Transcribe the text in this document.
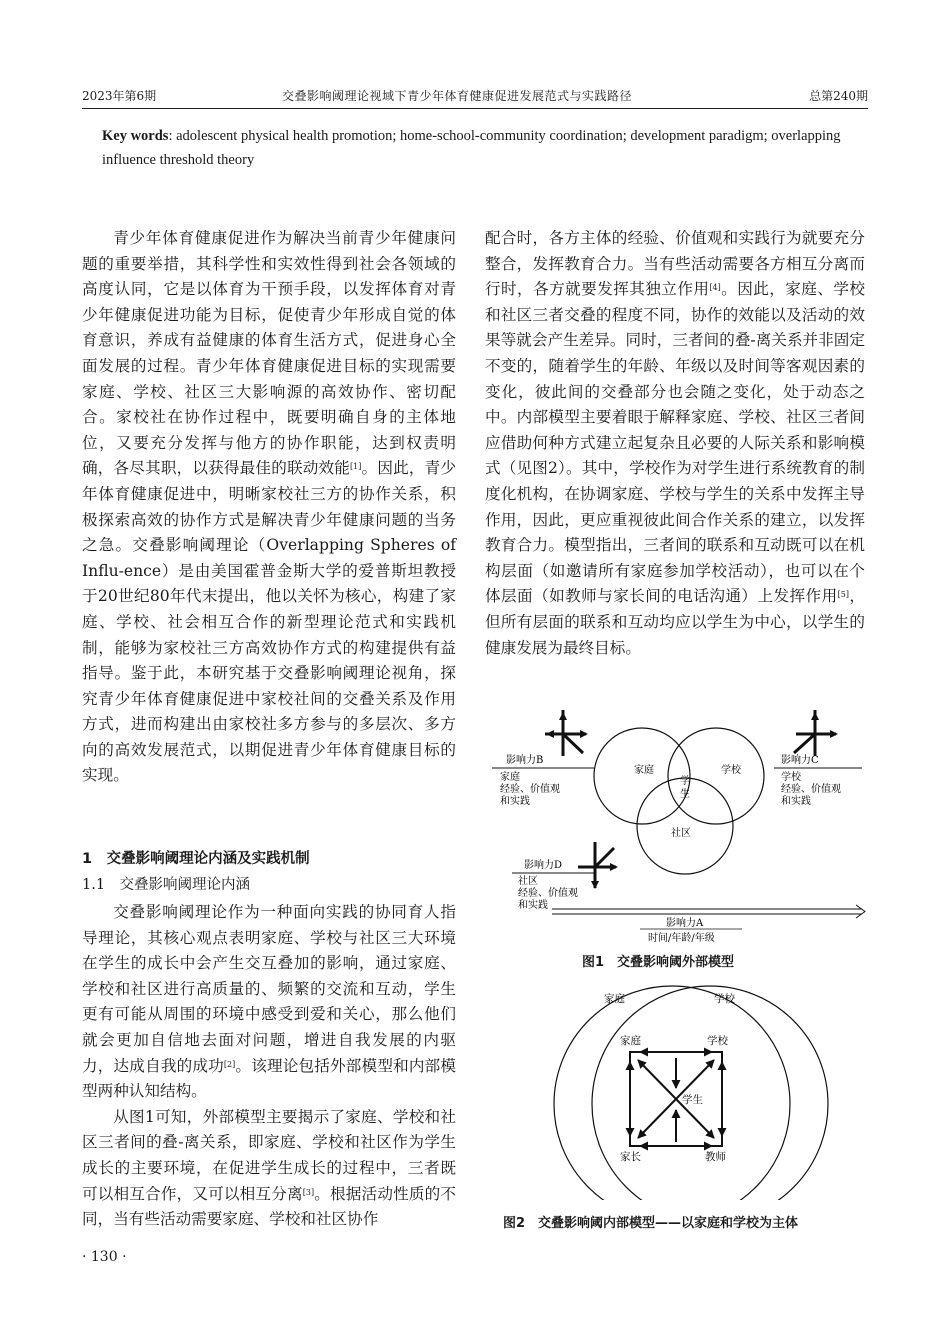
2023年第6期	交叠影响阈理论视域下青少年体育健康促进发展范式与实践路径	总第240期
Key words: adolescent physical health promotion; home-school-community coordination; development paradigm; overlapping influence threshold theory

青少年体育健康促进作为解决当前青少年健康问题的重要举措，其科学性和实效性得到社会各领域的高度认同，它是以体育为干预手段，以发挥体育对青少年健康促进功能为目标，促使青少年形成自觉的体育意识，养成有益健康的体育生活方式，促进身心全面发展的过程。青少年体育健康促进目标的实现需要家庭、学校、社区三大影响源的高效协作、密切配合。家校社在协作过程中，既要明确自身的主体地位，又要充分发挥与他方的协作职能，达到权责明确，各尽其职，以获得最佳的联动效能[1]。因此，青少年体育健康促进中，明晰家校社三方的协作关系，积极探索高效的协作方式是解决青少年健康问题的当务之急。交叠影响阈理论（Overlapping Spheres of Influ-ence）是由美国霍普金斯大学的爱普斯坦教授于20世纪80年代末提出，他以关怀为核心，构建了家庭、学校、社会相互合作的新型理论范式和实践机制，能够为家校社三方高效协作方式的构建提供有益指导。鉴于此，本研究基于交叠影响阈理论视角，探究青少年体育健康促进中家校社间的交叠关系及作用方式，进而构建出由家校社多方参与的多层次、多方向的高效发展范式，以期促进青少年体育健康目标的实现。

1　交叠影响阈理论内涵及实践机制
1.1　交叠影响阈理论内涵

交叠影响阈理论作为一种面向实践的协同育人指导理论，其核心观点表明家庭、学校与社区三大环境在学生的成长中会产生交互叠加的影响，通过家庭、学校和社区进行高质量的、频繁的交流和互动，学生更有可能从周围的环境中感受到爱和关心，那么他们就会更加自信地去面对问题，增进自我发展的内驱力，达成自我的成功[2]。该理论包括外部模型和内部模型两种认知结构。

从图1可知，外部模型主要揭示了家庭、学校和社区三者间的叠-离关系，即家庭、学校和社区作为学生成长的主要环境，在促进学生成长的过程中，三者既可以相互合作，又可以相互分离[3]。根据活动性质的不同，当有些活动需要家庭、学校和社区协作

配合时，各方主体的经验、价值观和实践行为就要充分整合，发挥教育合力。当有些活动需要各方相互分离而行时，各方就要发挥其独立作用[4]。因此，家庭、学校和社区三者交叠的程度不同，协作的效能以及活动的效果等就会产生差异。同时，三者间的叠-离关系并非固定不变的，随着学生的年龄、年级以及时间等客观因素的变化，彼此间的交叠部分也会随之变化，处于动态之中。内部模型主要着眼于解释家庭、学校、社区三者间应借助何种方式建立起复杂且必要的人际关系和影响模式（见图2）。其中，学校作为对学生进行系统教育的制度化机构，在协调家庭、学校与学生的关系中发挥主导作用，因此，更应重视彼此间合作关系的建立，以发挥教育合力。模型指出，三者间的联系和互动既可以在机构层面（如邀请所有家庭参加学校活动），也可以在个体层面（如教师与家长间的电话沟通）上发挥作用[5]，但所有层面的联系和互动均应以学生为中心，以学生的健康发展为最终目标。

家庭	学校
社区
学
生
影响力B
家庭
经验、价值观
和实践
影响力C
学校
经验、价值观
和实践
影响力D
社区
经验、价值观
和实践
影响力A
时间/年龄/年级
图1　交叠影响阈外部模型
家庭	学校
家庭	学校
家长	教师
学生
图2　交叠影响阈内部模型——以家庭和学校为主体
· 130 ·
